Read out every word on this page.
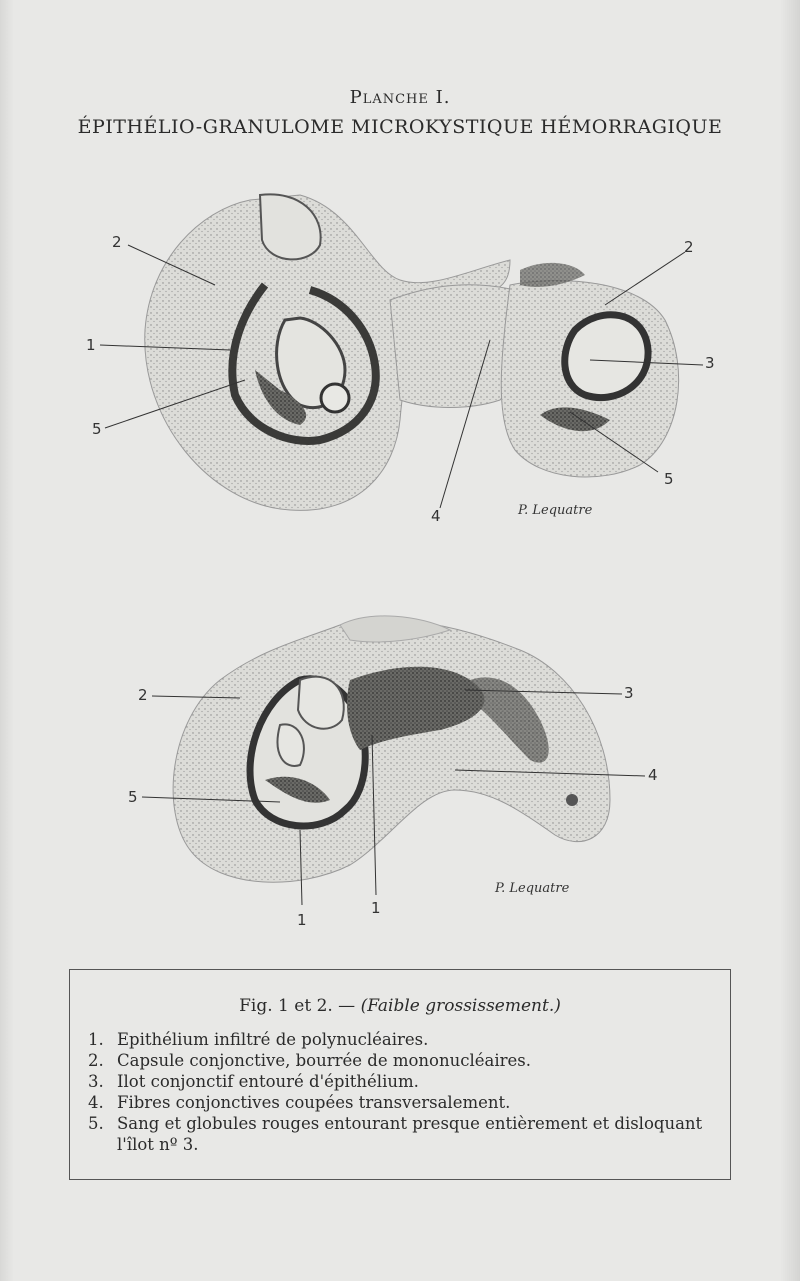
Planche I.
ÉPITHÉLIO-GRANULOME MICROKYSTIQUE HÉMORRAGIQUE
2
1
5
2
3
5
4	P. Lequatre
2	3
5
4
1
1
P. Lequatre
Fig. 1 et 2. — (Faible grossissement.)
1. Epithélium infiltré de polynucléaires.
2. Capsule conjonctive, bourrée de mononucléaires.
3. Ilot conjonctif entouré d'épithélium.
4. Fibres conjonctives coupées transversalement.
5. Sang et globules rouges entourant presque entièrement et disloquant l'îlot nº 3.
